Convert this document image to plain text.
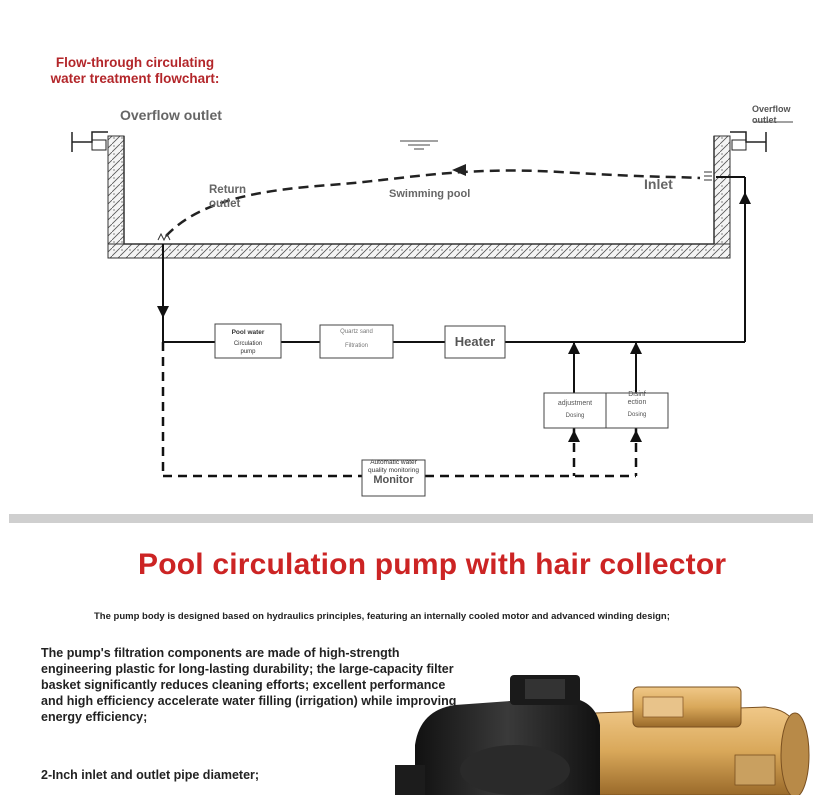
Flow-through circulating
water treatment flowchart:
Overflow outlet	Overflow
outlet
Inlet
Return
outlet
Swimming pool
Pool water
Circulation
pump
Quartz sand
Filtration	Heater
adjustment
Dosing
Disinf
ection
Dosing
Automatic water
quality monitoring
Monitor
Pool circulation pump with hair collector
The pump body is designed based on hydraulics principles, featuring an internally cooled motor and advanced winding design;
The pump's filtration components are made of high-strength engineering plastic for long-lasting durability; the large-capacity filter basket significantly reduces cleaning efforts; excellent performance and high efficiency accelerate water filling (irrigation) while improving energy efficiency;
2-Inch inlet and outlet pipe diameter;
